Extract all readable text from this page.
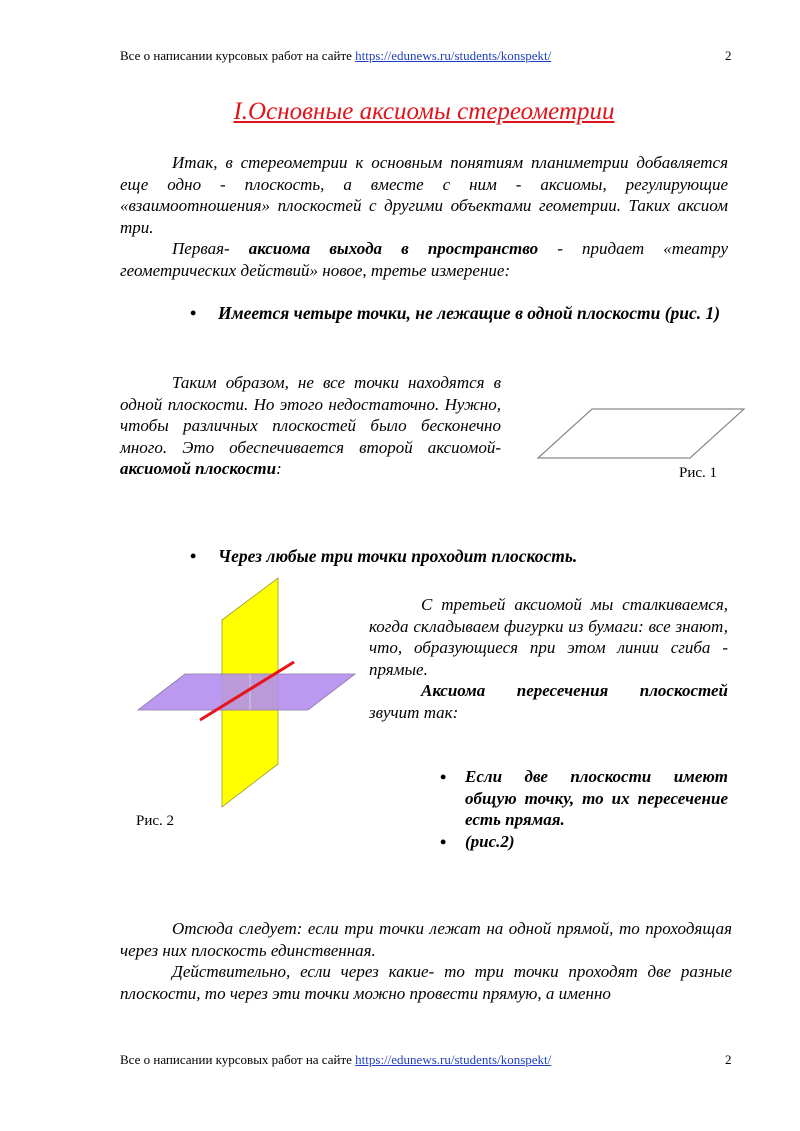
Все о написании курсовых работ на сайте https://edunews.ru/students/konspekt/	2
I.Основные аксиомы стереометрии
Итак, в стереометрии к основным понятиям планиметрии добавляется еще одно - плоскость, а вместе с ним - аксиомы, регулирующие «взаимоотношения» плоскостей с другими объектами геометрии. Таких аксиом три.
Первая- аксиома выхода в пространство - придает «театру геометрических действий» новое, третье измерение:
• Имеется четыре точки, не лежащие в одной плоскости (рис. 1)
Таким образом, не все точки находятся в одной плоскости. Но этого недостаточно. Нужно, чтобы различных плоскостей было бесконечно много. Это обеспечивается второй аксиомой- аксиомой плоскости:	Рис. 1
• Через любые три точки проходит плоскость.
Рис. 2
С третьей аксиомой мы сталкиваемся, когда складываем фигурки из бумаги: все знают, что, образующиеся при этом линии сгиба - прямые.
Аксиома пересечения плоскостей звучит так:
• Если две плоскости имеют общую точку, то их пересечение есть прямая.
• (рис.2)
Отсюда следует: если три точки лежат на одной прямой, то проходящая через них плоскость единственная.
Действительно, если через какие- то три точки проходят две разные плоскости, то через эти точки можно провести прямую, а именно
Все о написании курсовых работ на сайте https://edunews.ru/students/konspekt/	2
